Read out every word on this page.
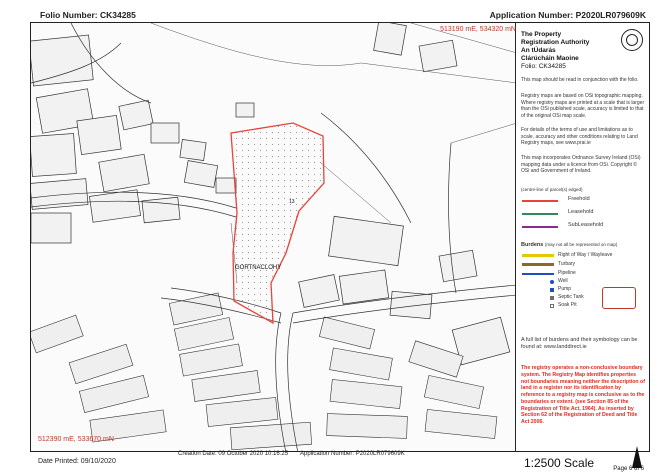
Folio Number: CK34285	Application Number: P2020LR079609K
13
GORTNACLOHY
513190 mE, 534320 mN
512390 mE, 533670 mN
The Property
Registration Authority
An tÚdarás
Clárúcháin Maoine
Folio: CK34285
This map should be read in conjunction with the folio.
Registry maps are based on OSi topographic mapping. Where registry maps are printed at a scale that is larger than the OSi published scale, accuracy is limited to that of the original OSi map scale.
For details of the terms of use and limitations as to scale, accuracy and other conditions relating to Land Registry maps, see www.prai.ie
This map incorporates Ordnance Survey Ireland (OSi) mapping data under a licence from OSi. Copyright © OSi and Government of Ireland.
(centre-line of parcel(s) edged)
Freehold
Leasehold
SubLeasehold
Burdens (may not all be represented on map)
Right of Way / Wayleave
Turbary
Pipeline
Well
Pump
Septic Tank
Soak Pit
A full list of burdens and their symbology can be found at: www.landdirect.ie
The registry operates a non-conclusive boundary system. The Registry Map identifies properties not boundaries meaning neither the description of land in a register nor its identification by reference to a registry map is conclusive as to the boundaries or extent. (see Section 85 of the Registration of Title Act, 1964). As inserted by Section 62 of the Registration of Deed and Title Act 2006.
1:2500 Scale	Page 6 of 6
Date Printed: 09/10/2020
Creation Date: 09 October 2020 10:16:25 Application Number: P2020LR079609K
